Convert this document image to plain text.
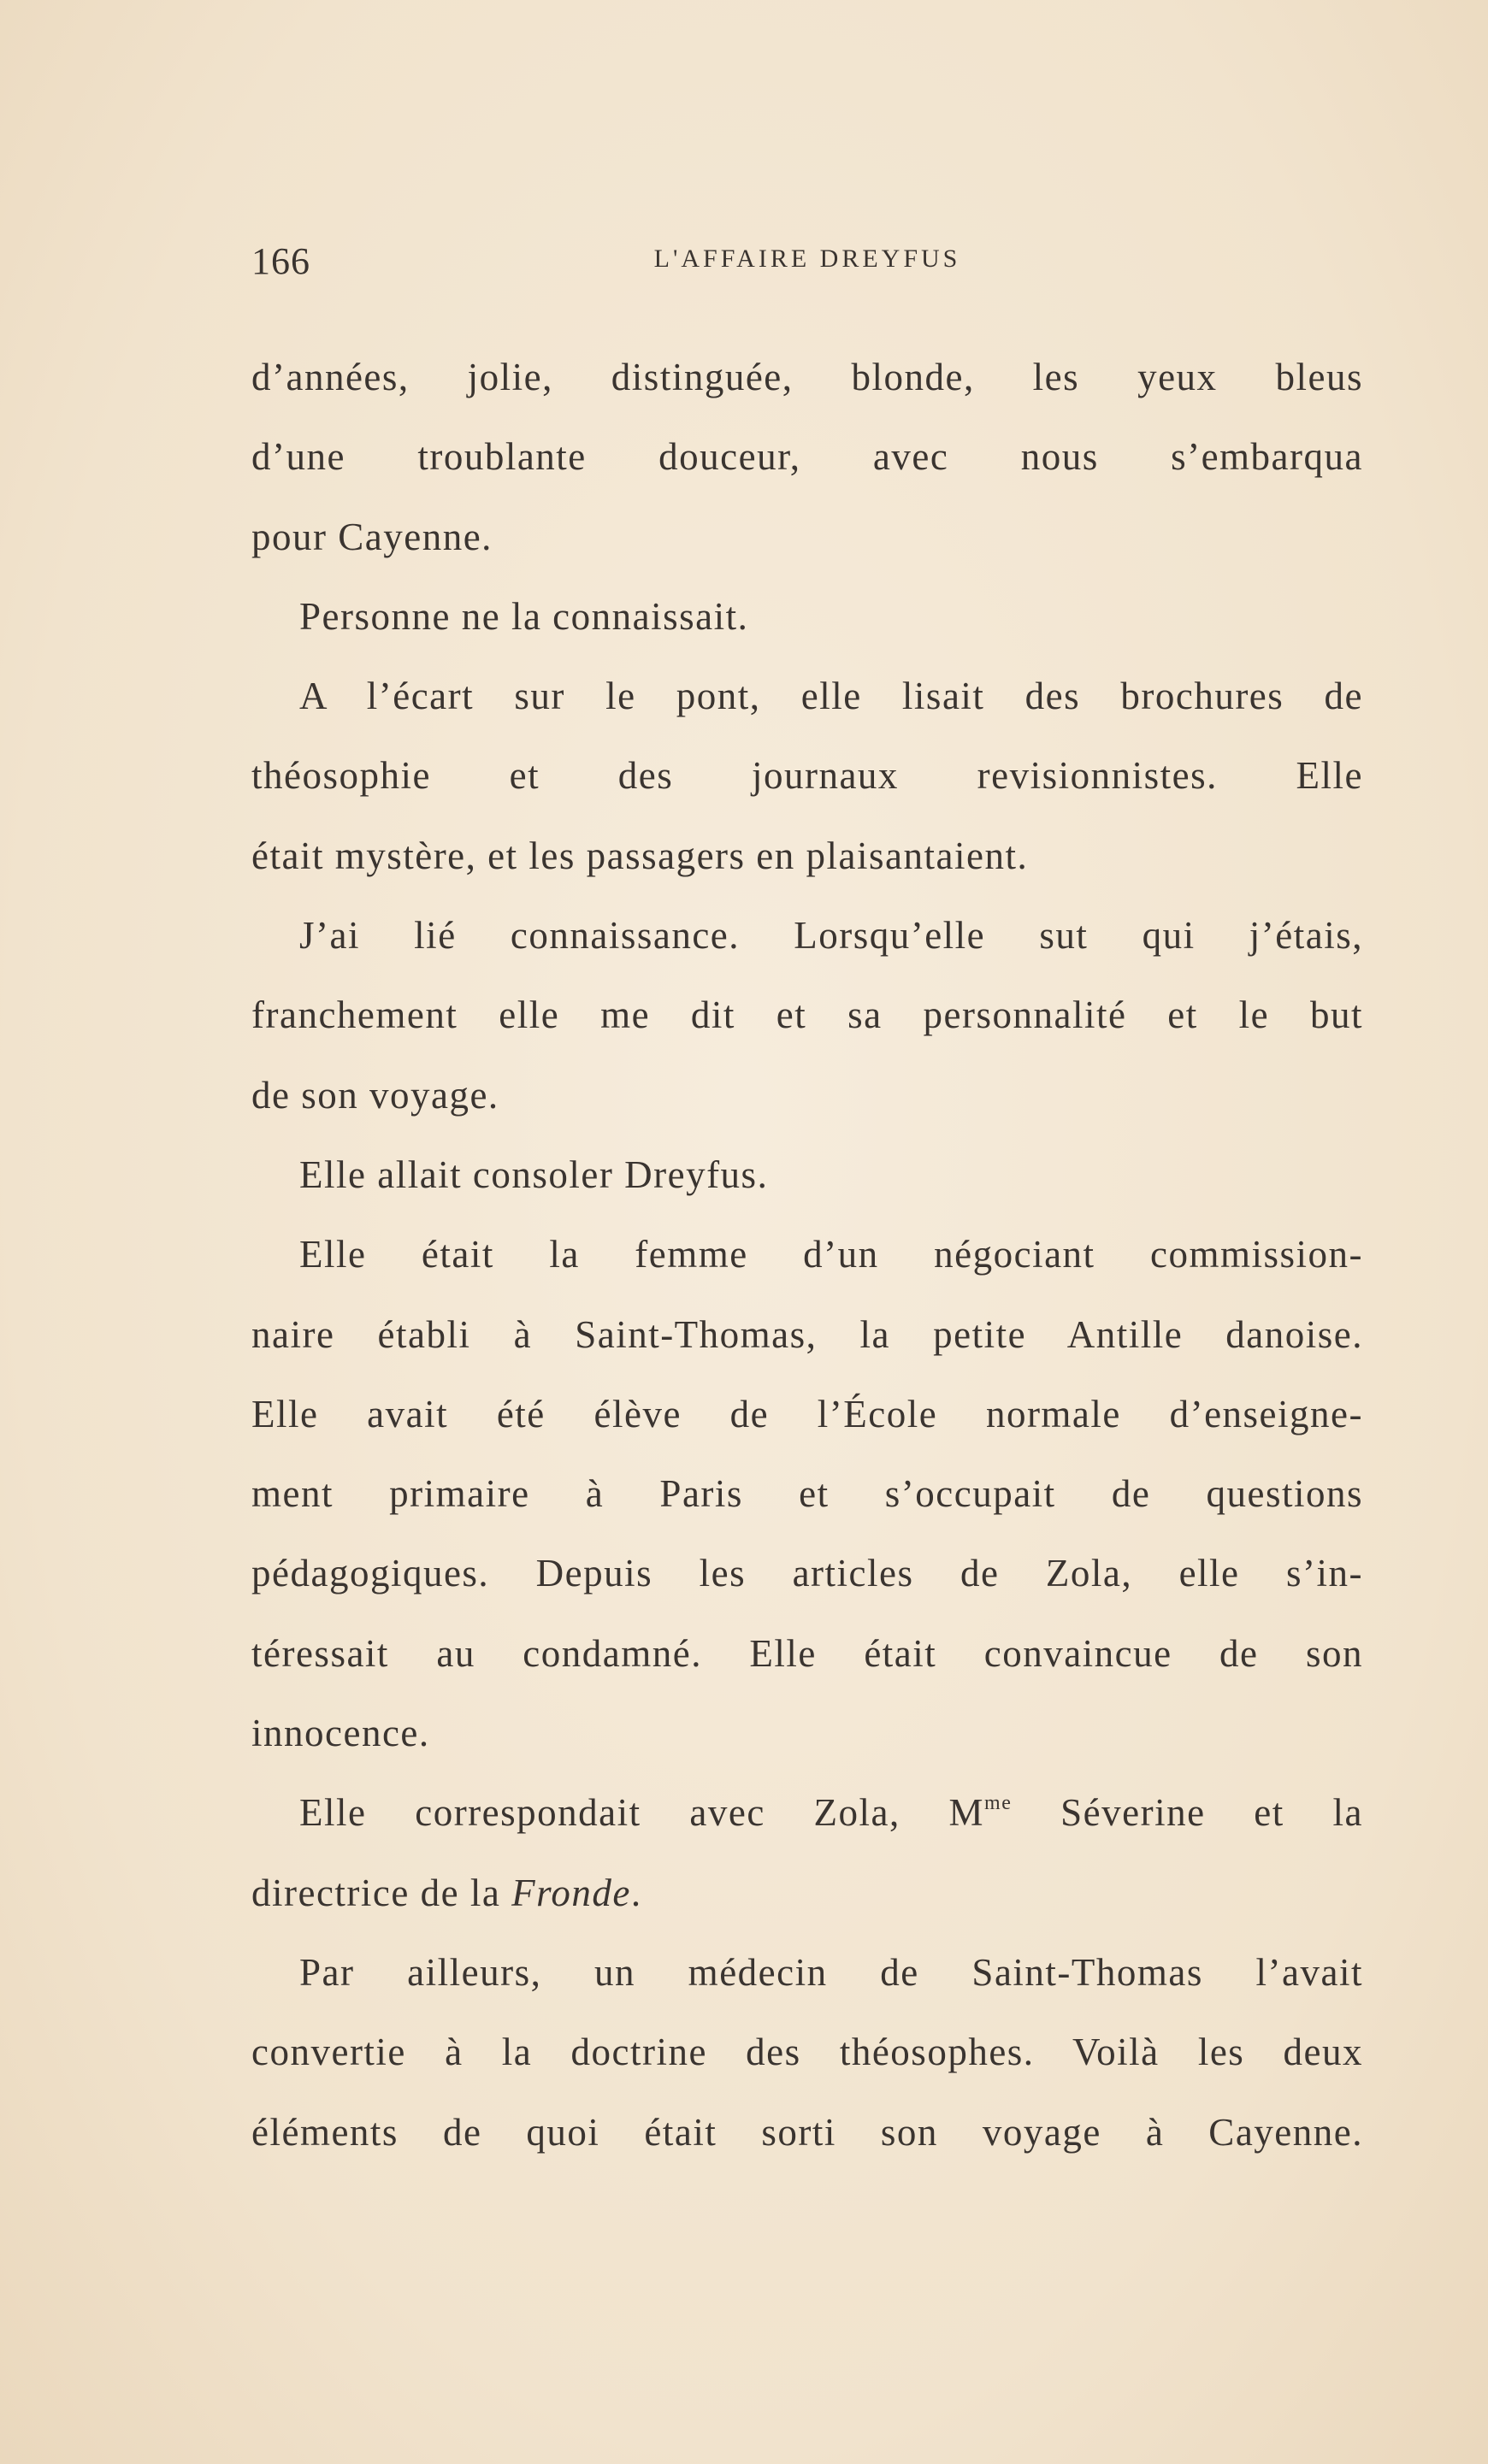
166	L'AFFAIRE DREYFUS
d’années, jolie, distinguée, blonde, les yeux bleus
d’une troublante douceur, avec nous s’embarqua
pour Cayenne.
Personne ne la connaissait.
A l’écart sur le pont, elle lisait des brochures de
théosophie et des journaux revisionnistes. Elle
était mystère, et les passagers en plaisantaient.
J’ai lié connaissance. Lorsqu’elle sut qui j’étais,
franchement elle me dit et sa personnalité et le but
de son voyage.
Elle allait consoler Dreyfus.
Elle était la femme d’un négociant commission-
naire établi à Saint-Thomas, la petite Antille danoise.
Elle avait été élève de l’École normale d’enseigne-
ment primaire à Paris et s’occupait de questions
pédagogiques. Depuis les articles de Zola, elle s’in-
téressait au condamné. Elle était convaincue de son
innocence.
Elle correspondait avec Zola, $M^{me}$ Séverine et la
directrice de la Fronde.
Par ailleurs, un médecin de Saint-Thomas l’avait
convertie à la doctrine des théosophes. Voilà les deux
éléments de quoi était sorti son voyage à Cayenne.
